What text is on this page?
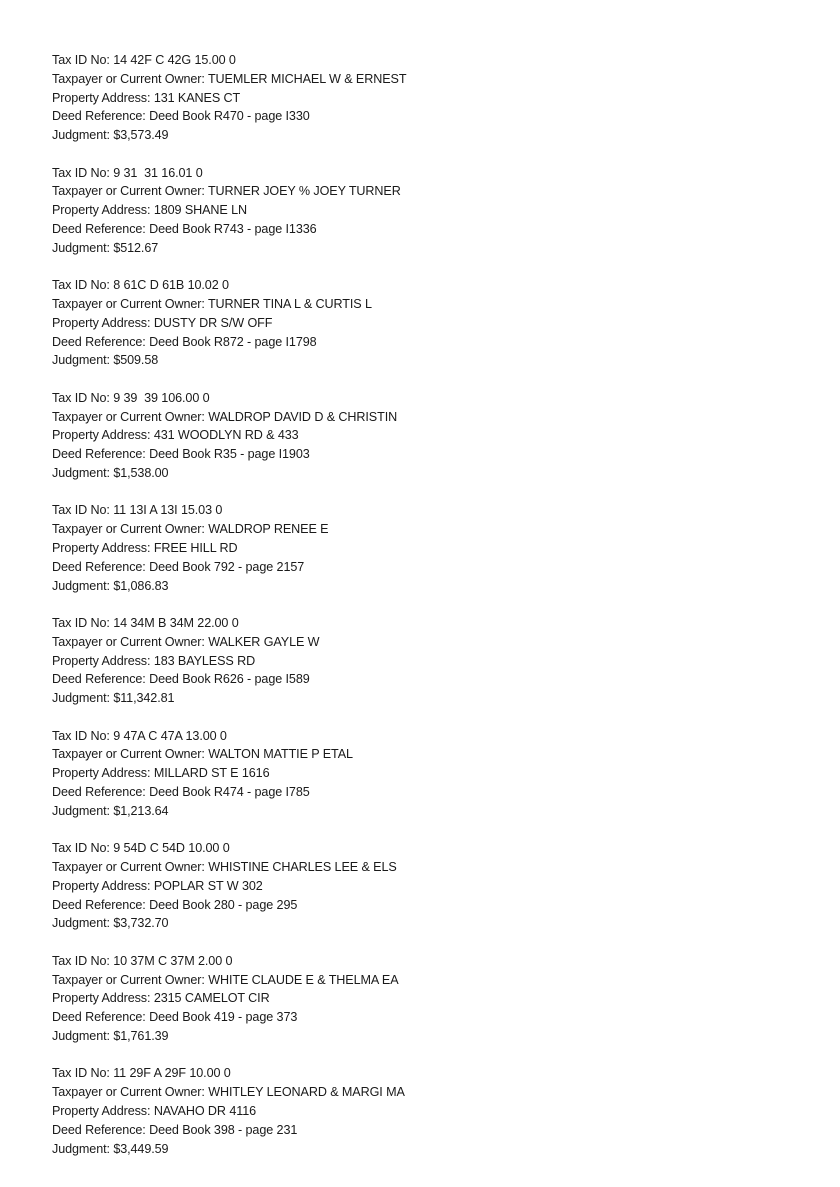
Tax ID No: 14 42F C 42G 15.00 0
Taxpayer or Current Owner: TUEMLER MICHAEL W & ERNEST
Property Address: 131 KANES CT
Deed Reference: Deed Book R470 - page I330
Judgment: $3,573.49
Tax ID No: 9 31  31 16.01 0
Taxpayer or Current Owner: TURNER JOEY % JOEY TURNER
Property Address: 1809 SHANE LN
Deed Reference: Deed Book R743 - page I1336
Judgment: $512.67
Tax ID No: 8 61C D 61B 10.02 0
Taxpayer or Current Owner: TURNER TINA L & CURTIS L
Property Address: DUSTY DR S/W OFF
Deed Reference: Deed Book R872 - page I1798
Judgment: $509.58
Tax ID No: 9 39  39 106.00 0
Taxpayer or Current Owner: WALDROP DAVID D & CHRISTIN
Property Address: 431 WOODLYN RD & 433
Deed Reference: Deed Book R35 - page I1903
Judgment: $1,538.00
Tax ID No: 11 13I A 13I 15.03 0
Taxpayer or Current Owner: WALDROP RENEE E
Property Address: FREE HILL RD
Deed Reference: Deed Book 792 - page 2157
Judgment: $1,086.83
Tax ID No: 14 34M B 34M 22.00 0
Taxpayer or Current Owner: WALKER GAYLE W
Property Address: 183 BAYLESS RD
Deed Reference: Deed Book R626 - page I589
Judgment: $11,342.81
Tax ID No: 9 47A C 47A 13.00 0
Taxpayer or Current Owner: WALTON MATTIE P ETAL
Property Address: MILLARD ST E 1616
Deed Reference: Deed Book R474 - page I785
Judgment: $1,213.64
Tax ID No: 9 54D C 54D 10.00 0
Taxpayer or Current Owner: WHISTINE CHARLES LEE & ELS
Property Address: POPLAR ST W 302
Deed Reference: Deed Book 280 - page 295
Judgment: $3,732.70
Tax ID No: 10 37M C 37M 2.00 0
Taxpayer or Current Owner: WHITE CLAUDE E & THELMA EA
Property Address: 2315 CAMELOT CIR
Deed Reference: Deed Book 419 - page 373
Judgment: $1,761.39
Tax ID No: 11 29F A 29F 10.00 0
Taxpayer or Current Owner: WHITLEY LEONARD & MARGI MA
Property Address: NAVAHO DR 4116
Deed Reference: Deed Book 398 - page 231
Judgment: $3,449.59
